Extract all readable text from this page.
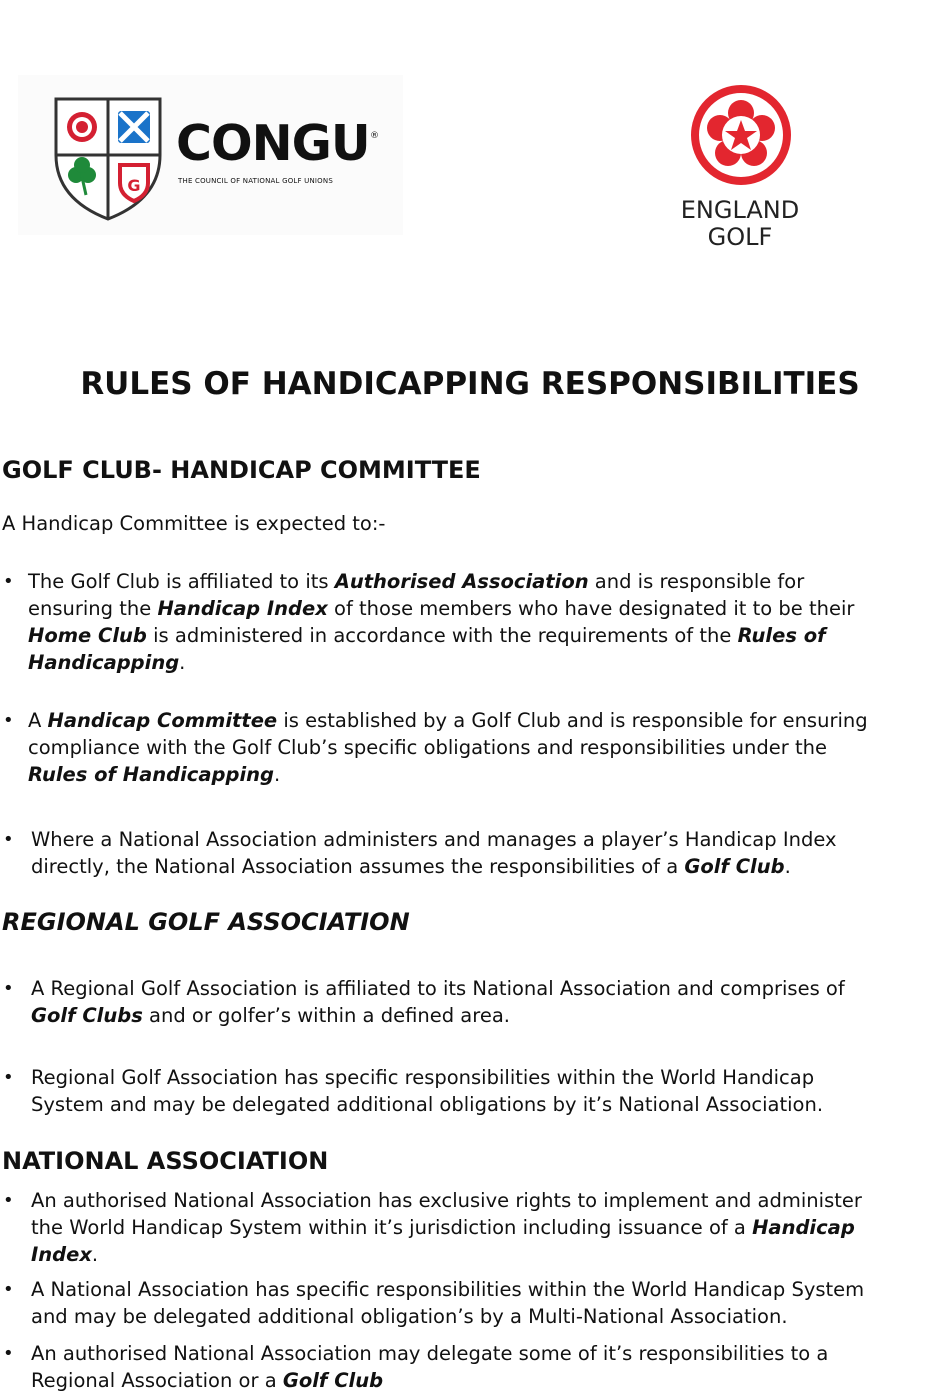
G
CONGU ®
THE COUNCIL OF NATIONAL GOLF UNIONS
ENGLAND
GOLF
RULES OF HANDICAPPING RESPONSIBILITIES
GOLF CLUB- HANDICAP COMMITTEE
A Handicap Committee is expected to:-
• The Golf Club is affiliated to its Authorised Association and is responsible for
ensuring the Handicap Index of those members who have designated it to be their
Home Club is administered in accordance with the requirements of the Rules of
Handicapping.
• A Handicap Committee is established by a Golf Club and is responsible for ensuring
compliance with the Golf Club’s specific obligations and responsibilities under the
Rules of Handicapping.
• Where a National Association administers and manages a player’s Handicap Index
directly, the National Association assumes the responsibilities of a Golf Club.
REGIONAL GOLF ASSOCIATION
• A Regional Golf Association is affiliated to its National Association and comprises of
Golf Clubs and or golfer’s within a defined area.
• Regional Golf Association has specific responsibilities within the World Handicap
System and may be delegated additional obligations by it’s National Association.
NATIONAL ASSOCIATION
• An authorised National Association has exclusive rights to implement and administer
the World Handicap System within it’s jurisdiction including issuance of a Handicap
Index.
• A National Association has specific responsibilities within the World Handicap System
and may be delegated additional obligation’s by a Multi-National Association.
• An authorised National Association may delegate some of it’s responsibilities to a
Regional Association or a Golf Club
